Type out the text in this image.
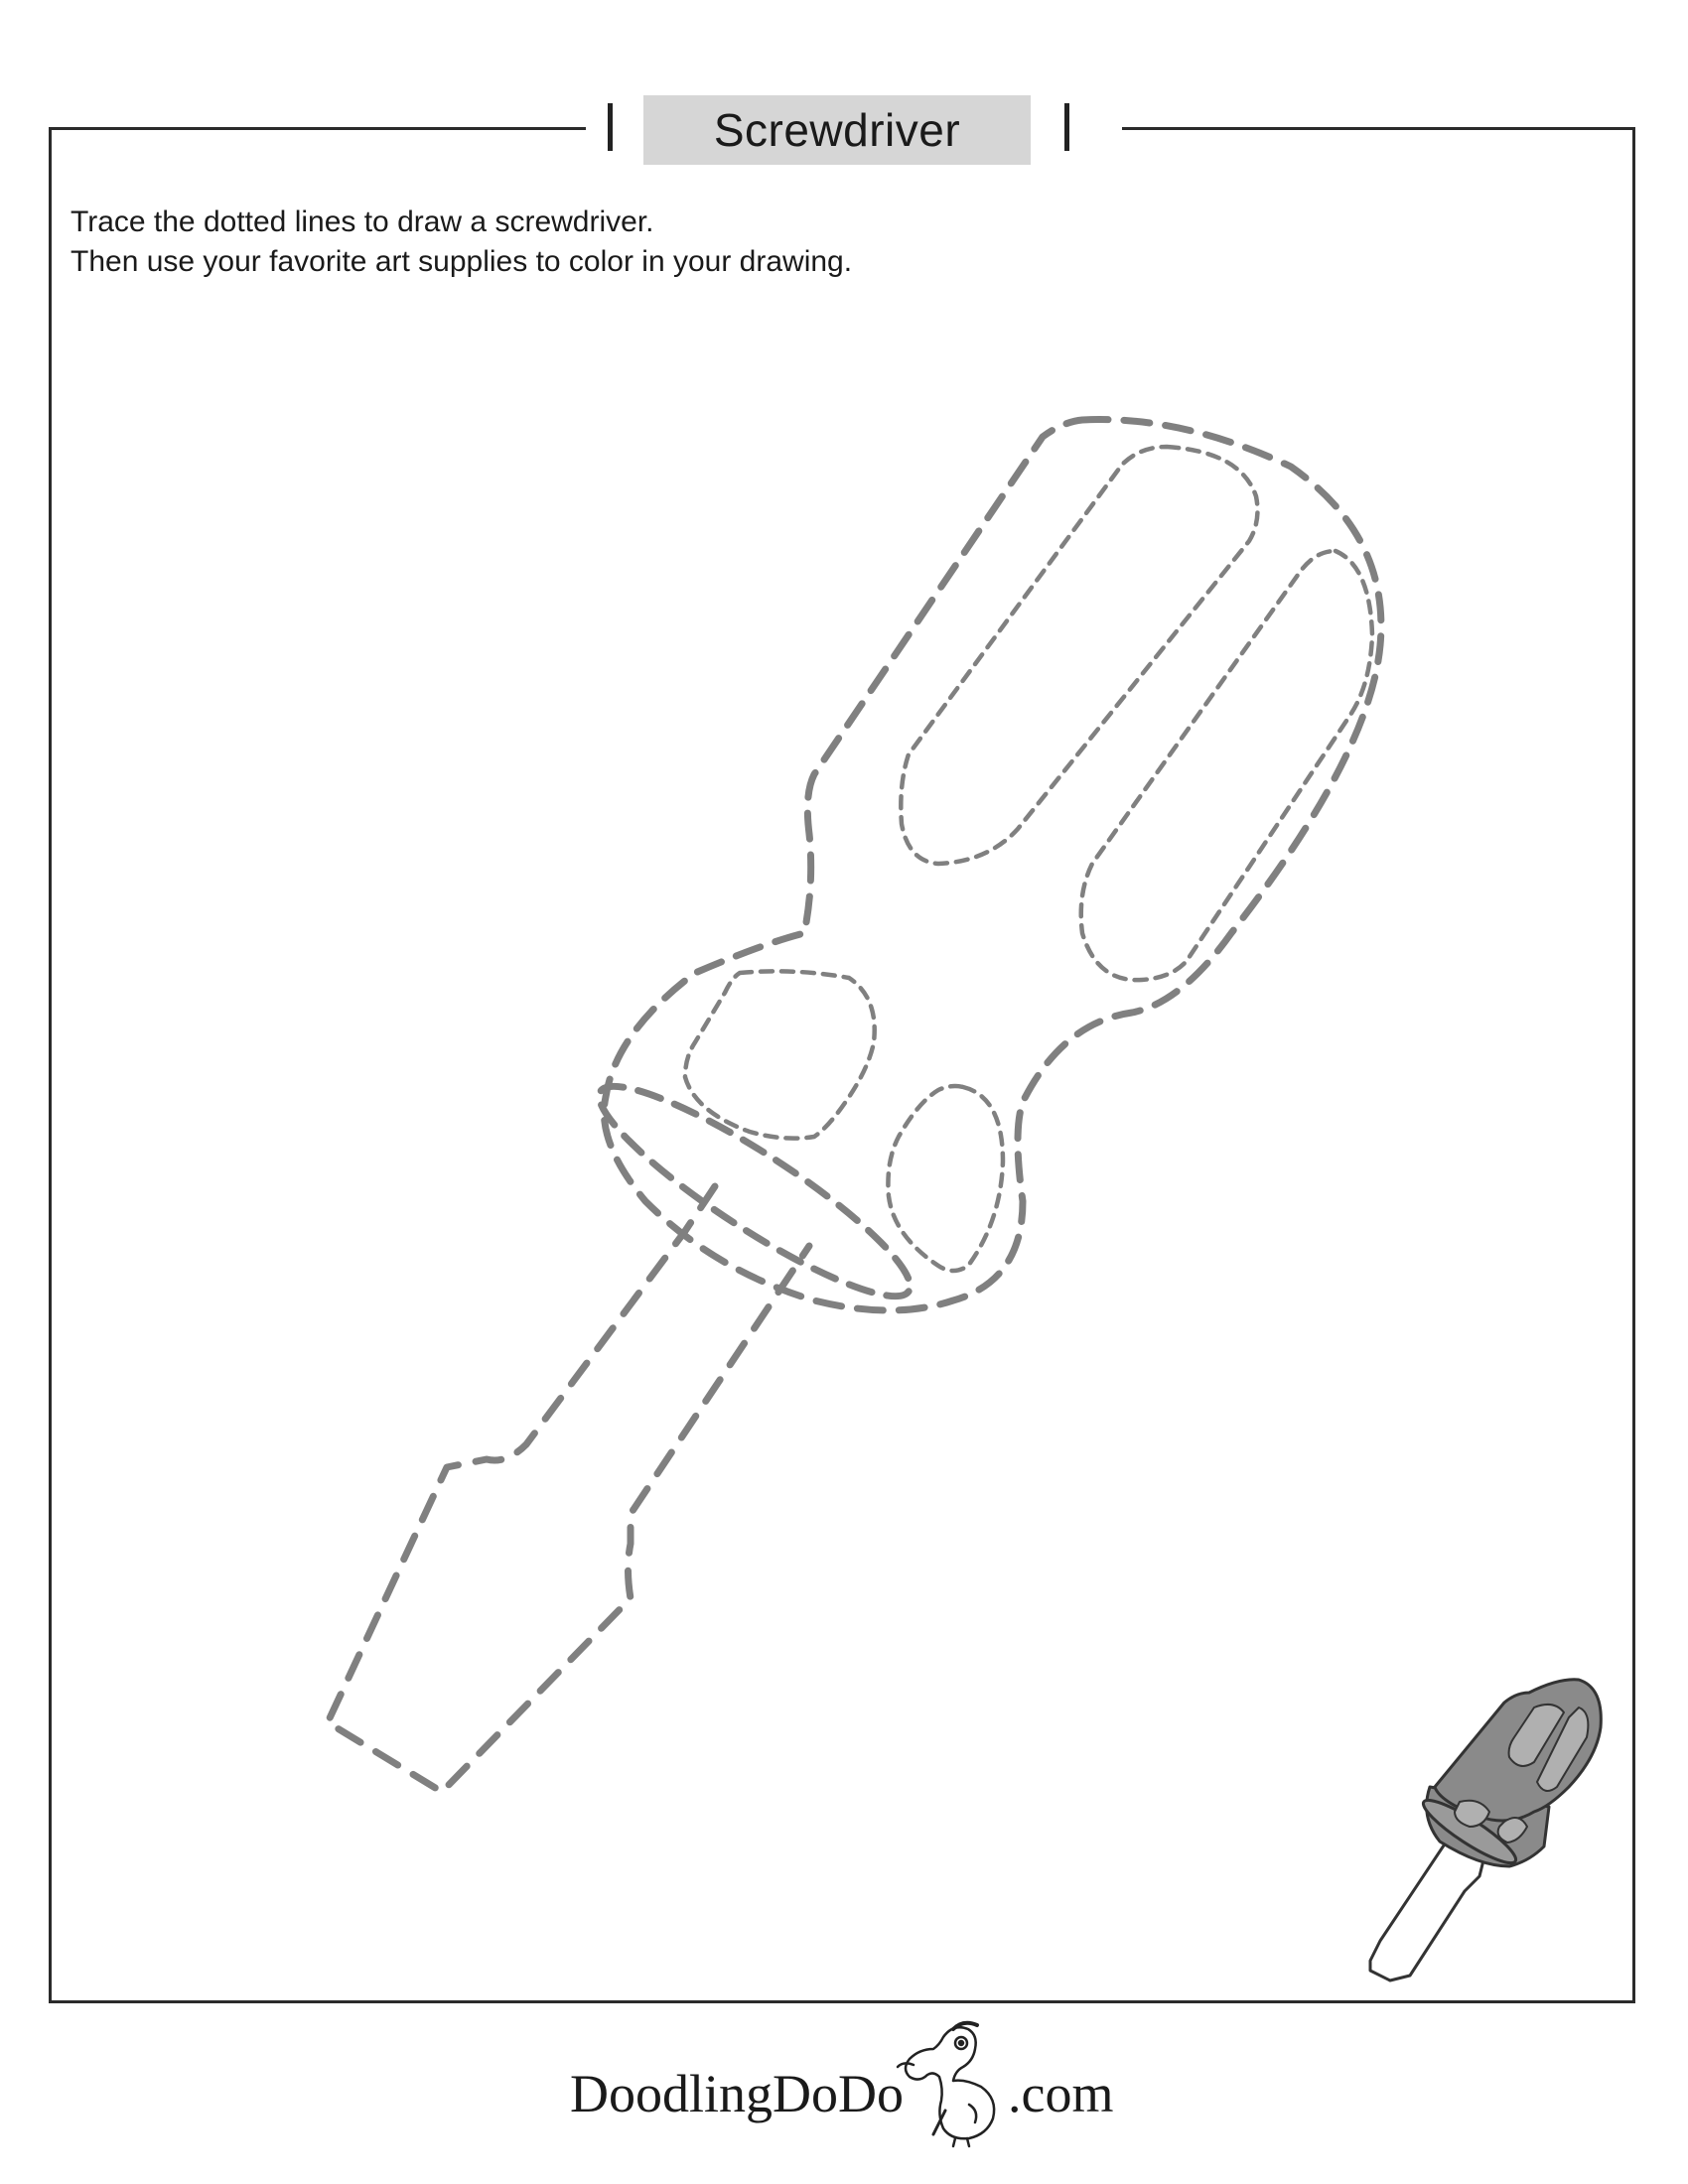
Screwdriver
Trace the dotted lines to draw a screwdriver.
Then use your favorite art supplies to color in your drawing.
DoodlingDoDo .com
